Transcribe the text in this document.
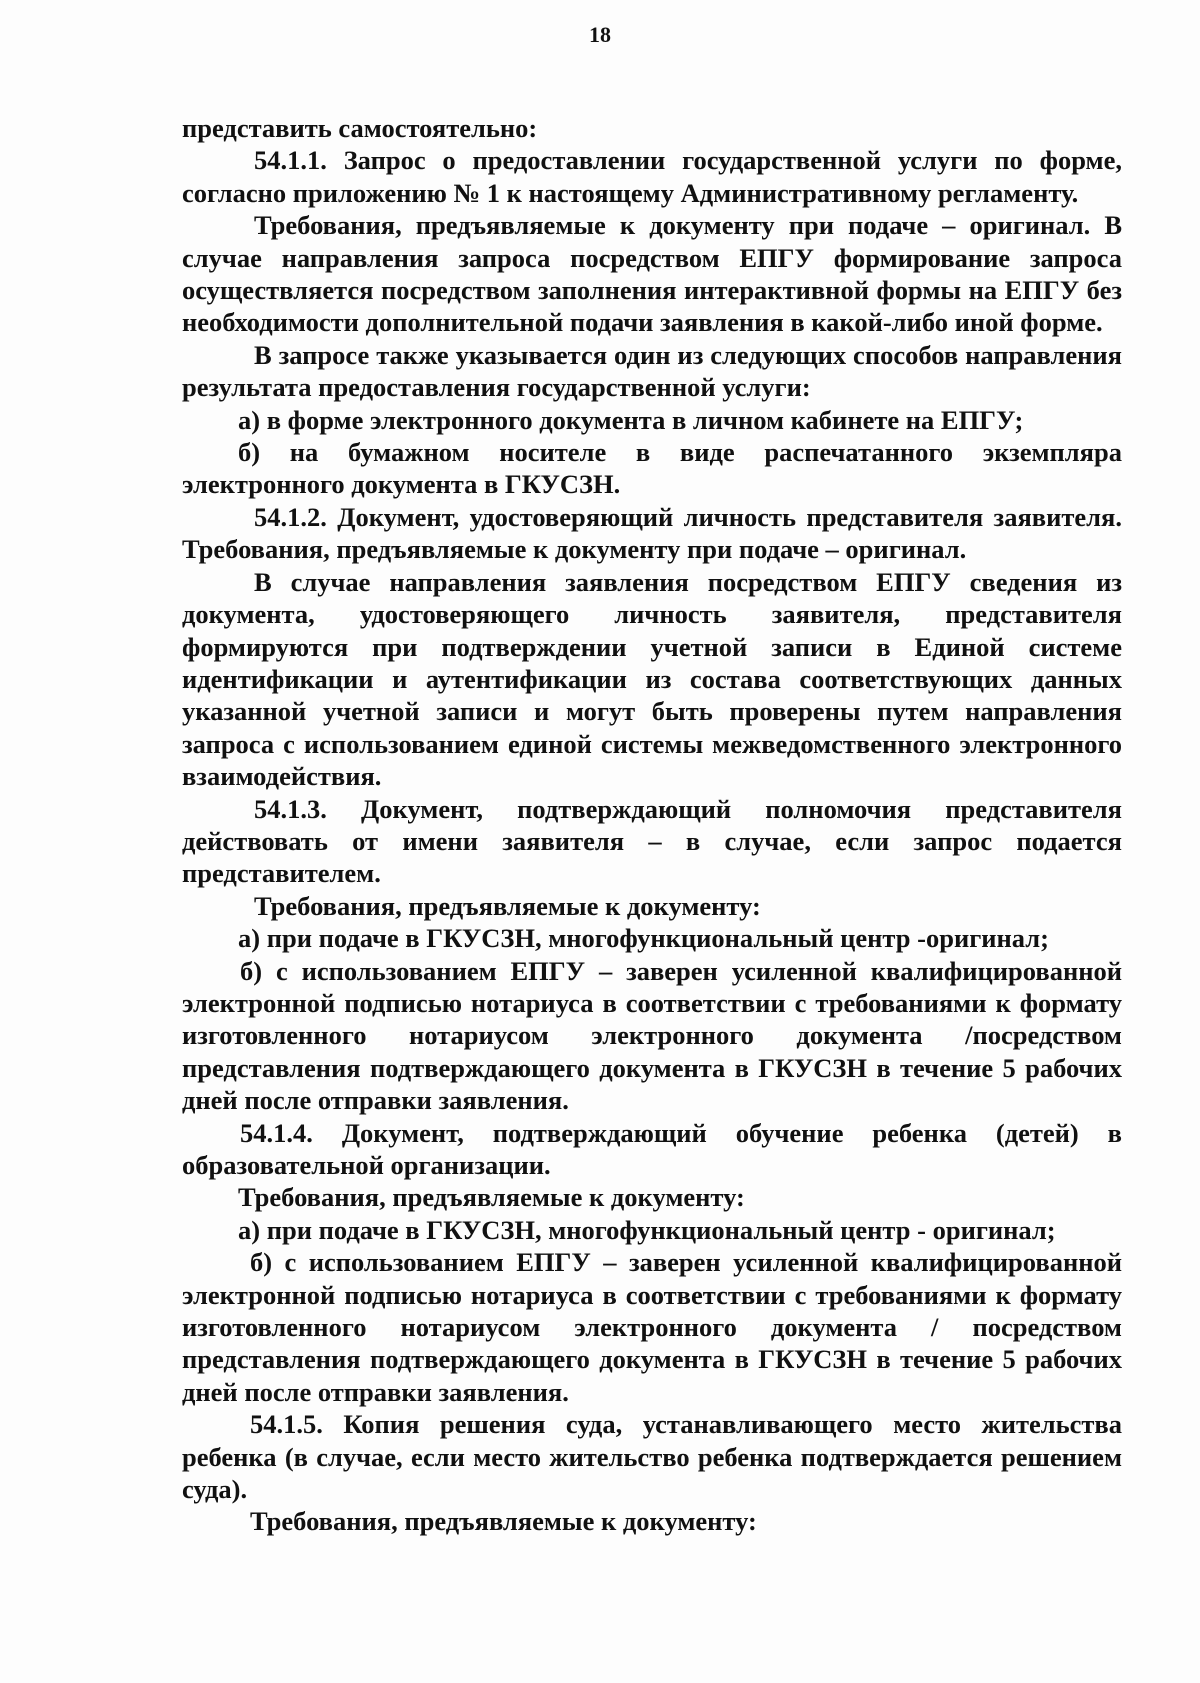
18

представить самостоятельно:

54.1.1. Запрос о предоставлении государственной услуги по форме, согласно приложению № 1 к настоящему Административному регламенту.

Требования, предъявляемые к документу при подаче – оригинал. В случае направления запроса посредством ЕПГУ формирование запроса осуществляется посредством заполнения интерактивной формы на ЕПГУ без необходимости дополнительной подачи заявления в какой-либо иной форме.

В запросе также указывается один из следующих способов направления результата предоставления государственной услуги:

а) в форме электронного документа в личном кабинете на ЕПГУ;

б) на бумажном носителе в виде распечатанного экземпляра электронного документа в ГКУСЗН.

54.1.2. Документ, удостоверяющий личность представителя заявителя. Требования, предъявляемые к документу при подаче – оригинал.

В случае направления заявления посредством ЕПГУ сведения из документа, удостоверяющего личность заявителя, представителя формируются при подтверждении учетной записи в Единой системе идентификации и аутентификации из состава соответствующих данных указанной учетной записи и могут быть проверены путем направления запроса с использованием единой системы межведомственного электронного взаимодействия.

54.1.3. Документ, подтверждающий полномочия представителя действовать от имени заявителя – в случае, если запрос подается представителем.

Требования, предъявляемые к документу:

а) при подаче в ГКУСЗН, многофункциональный центр -оригинал;

б) с использованием ЕПГУ – заверен усиленной квалифицированной электронной подписью нотариуса в соответствии с требованиями к формату изготовленного нотариусом электронного документа /посредством представления подтверждающего документа в ГКУСЗН в течение 5 рабочих дней после отправки заявления.

54.1.4. Документ, подтверждающий обучение ребенка (детей) в образовательной организации.

Требования, предъявляемые к документу:

а) при подаче в ГКУСЗН, многофункциональный центр - оригинал;

б) с использованием ЕПГУ – заверен усиленной квалифицированной электронной подписью нотариуса в соответствии с требованиями к формату изготовленного нотариусом электронного документа / посредством представления подтверждающего документа в ГКУСЗН в течение 5 рабочих дней после отправки заявления.

54.1.5. Копия решения суда, устанавливающего место жительства ребенка (в случае, если место жительство ребенка подтверждается решением суда).

Требования, предъявляемые к документу:
